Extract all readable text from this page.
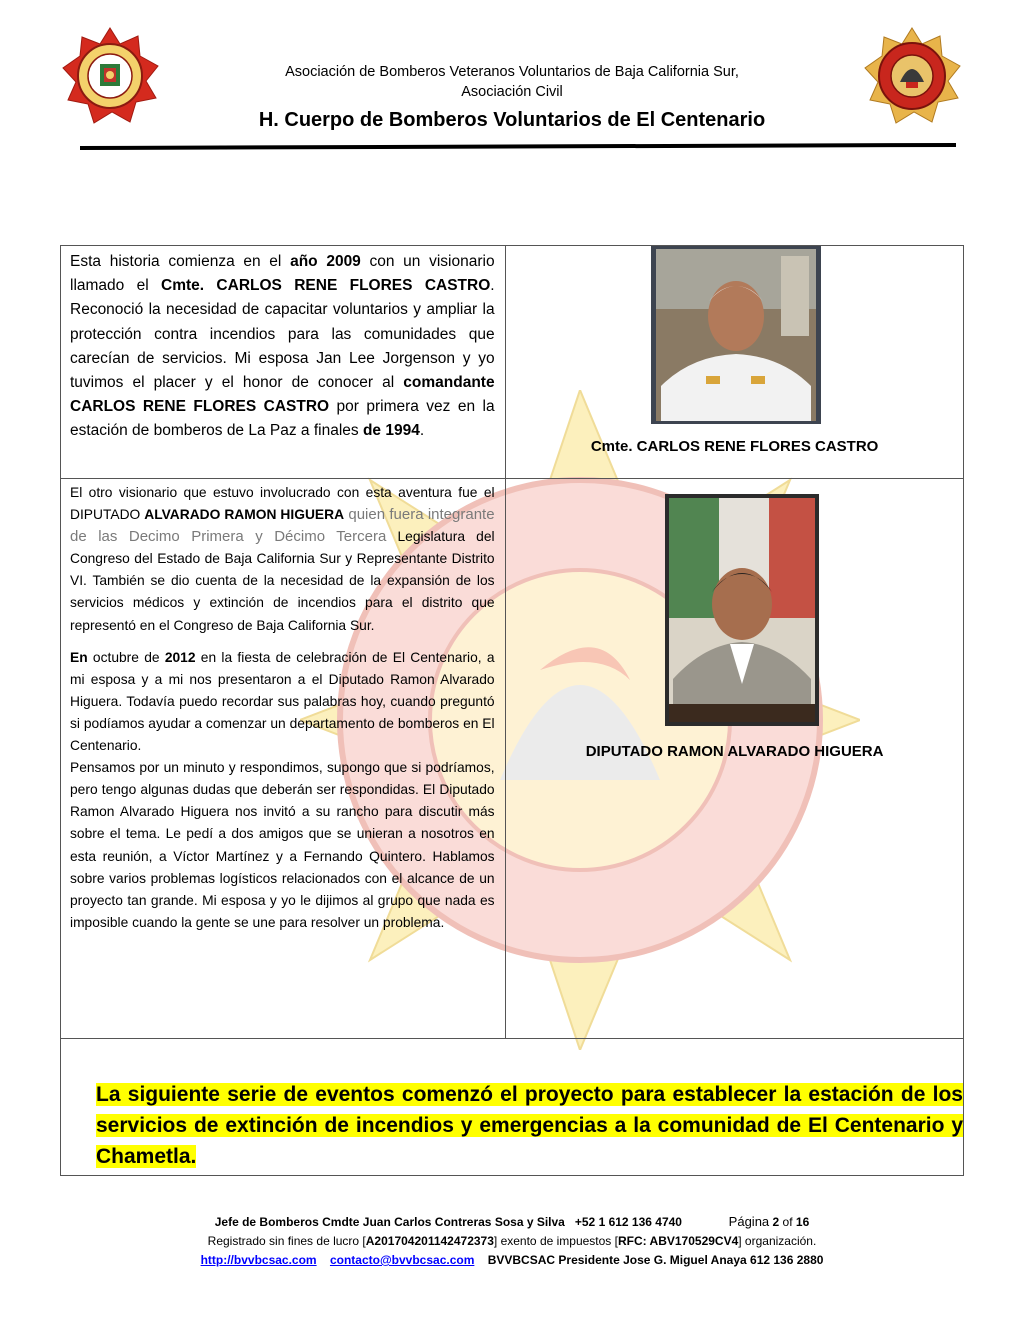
Asociación de Bomberos Veteranos Voluntarios de Baja California Sur,
Asociación Civil
H. Cuerpo de Bomberos Voluntarios de El Centenario
Esta historia comienza en el año 2009 con un visionario llamado el Cmte. CARLOS RENE FLORES CASTRO. Reconoció la necesidad de capacitar voluntarios y ampliar la protección contra incendios para las comunidades que carecían de servicios. Mi esposa Jan Lee Jorgenson y yo tuvimos el placer y el honor de conocer al comandante CARLOS RENE FLORES CASTRO por primera vez en la estación de bomberos de La Paz a finales de 1994.	Cmte. CARLOS RENE FLORES CASTRO

El otro visionario que estuvo involucrado con esta aventura fue el DIPUTADO ALVARADO RAMON HIGUERA quien fuera integrante de las Decimo Primera y Décimo Tercera Legislatura del Congreso del Estado de Baja California Sur y Representante Distrito VI. También se dio cuenta de la necesidad de la expansión de los servicios médicos y extinción de incendios para el distrito que representó en el Congreso de Baja California Sur.
En octubre de 2012 en la fiesta de celebración de El Centenario, a mi esposa y a mi nos presentaron a el Diputado Ramon Alvarado Higuera. Todavía puedo recordar sus palabras hoy, cuando preguntó si podíamos ayudar a comenzar un departamento de bomberos en El Centenario.
Pensamos por un minuto y respondimos, supongo que si podríamos, pero tengo algunas dudas que deberán ser respondidas. El Diputado Ramon Alvarado Higuera nos invitó a su rancho para discutir más sobre el tema. Le pedí a dos amigos que se unieran a nosotros en esta reunión, a Víctor Martínez y a Fernando Quintero. Hablamos sobre varios problemas logísticos relacionados con el alcance de un proyecto tan grande. Mi esposa y yo le dijimos al grupo que nada es imposible cuando la gente se une para resolver un problema.	DIPUTADO RAMON ALVARADO HIGUERA

La siguiente serie de eventos comenzó el proyecto para establecer la estación de los servicios de extinción de incendios y emergencias a la comunidad de El Centenario y Chametla.	

Jefe de Bomberos Cmdte Juan Carlos Contreras Sosa y Silva +52 1 612 136 4740	Página 2 of 16
Registrado sin fines de lucro [A201704201142472373] exento de impuestos [RFC: ABV170529CV4] organización.
http://bvvbcsac.com contacto@bvvbcsac.com BVVBCSAC Presidente Jose G. Miguel Anaya 612 136 2880
